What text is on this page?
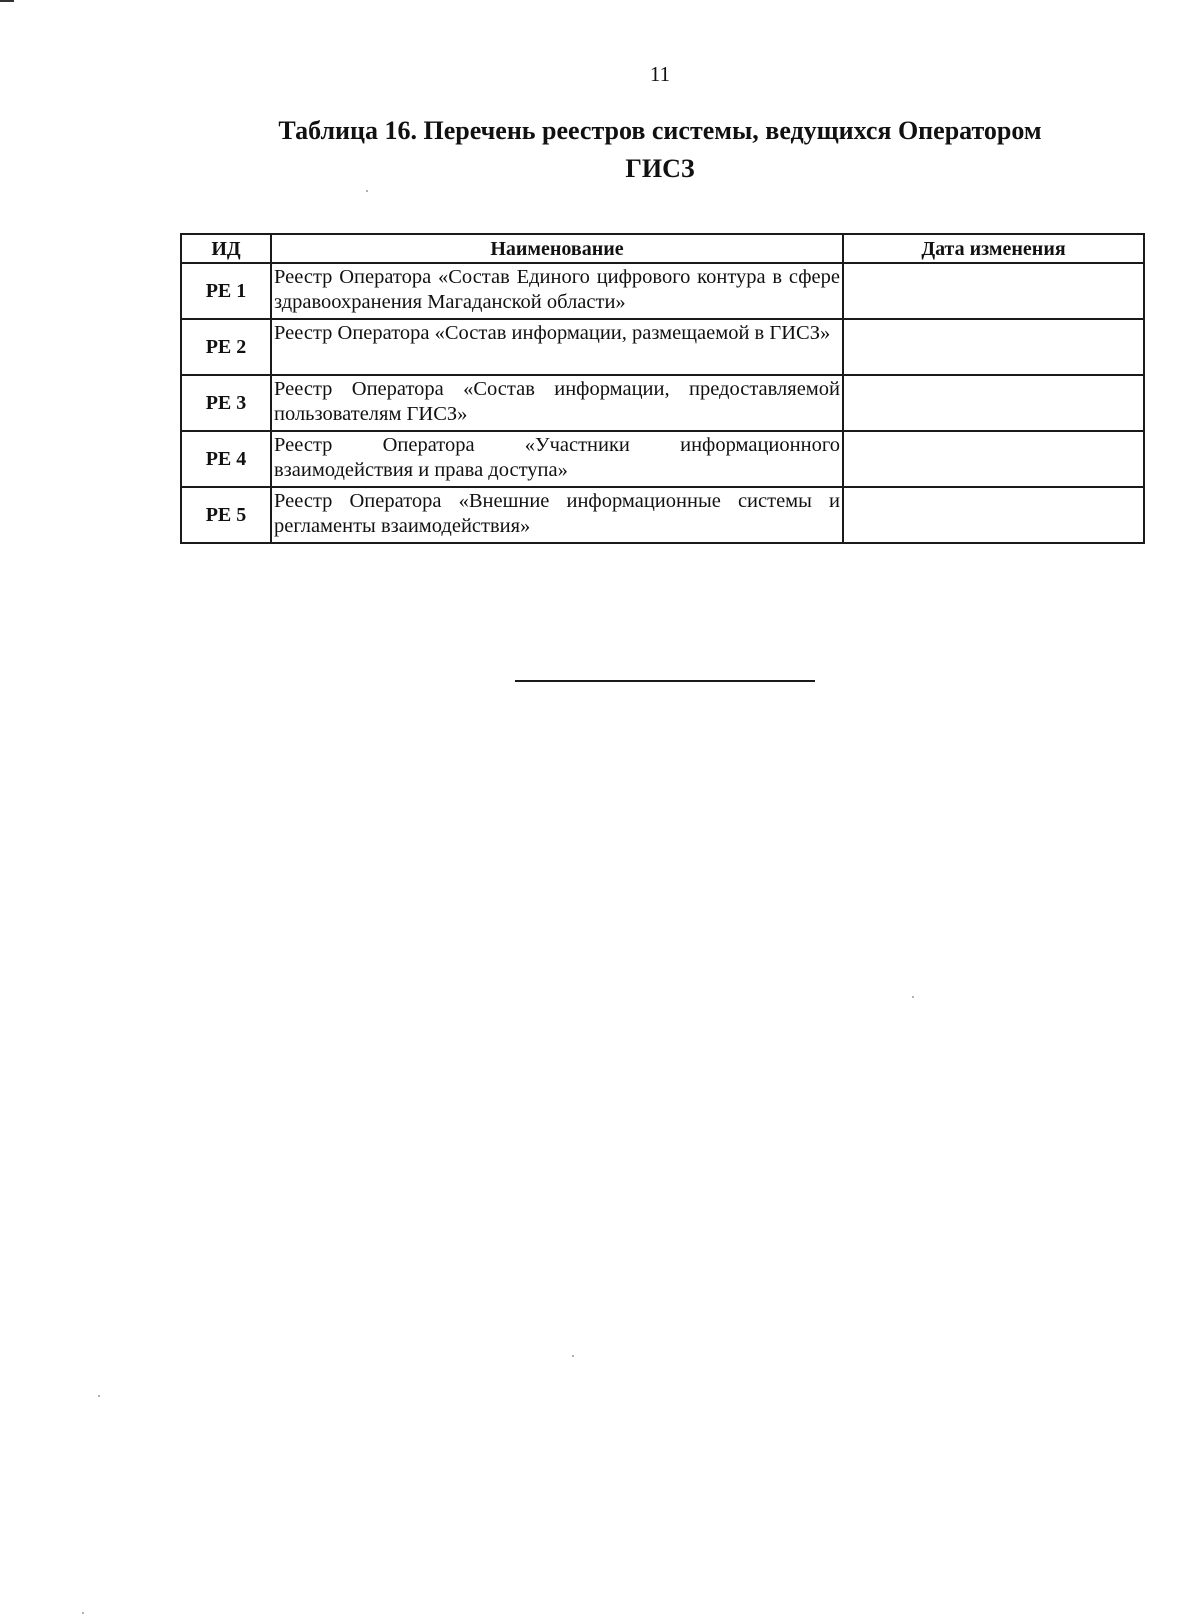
11
Таблица 16. Перечень реестров системы, ведущихся Оператором
ГИСЗ
ИД	Наименование	Дата изменения
РЕ 1	Реестр Оператора «Состав Единого цифрового контура в сфере здравоохранения Магаданской области»	
РЕ 2	Реестр Оператора «Состав информации, размещаемой в ГИСЗ»	
РЕ 3	Реестр Оператора «Состав информации, предоставляемой пользователям ГИСЗ»	
РЕ 4	Реестр Оператора «Участники информационного взаимодействия и права доступа»	
РЕ 5	Реестр Оператора «Внешние информационные системы и регламенты взаимодействия»	
